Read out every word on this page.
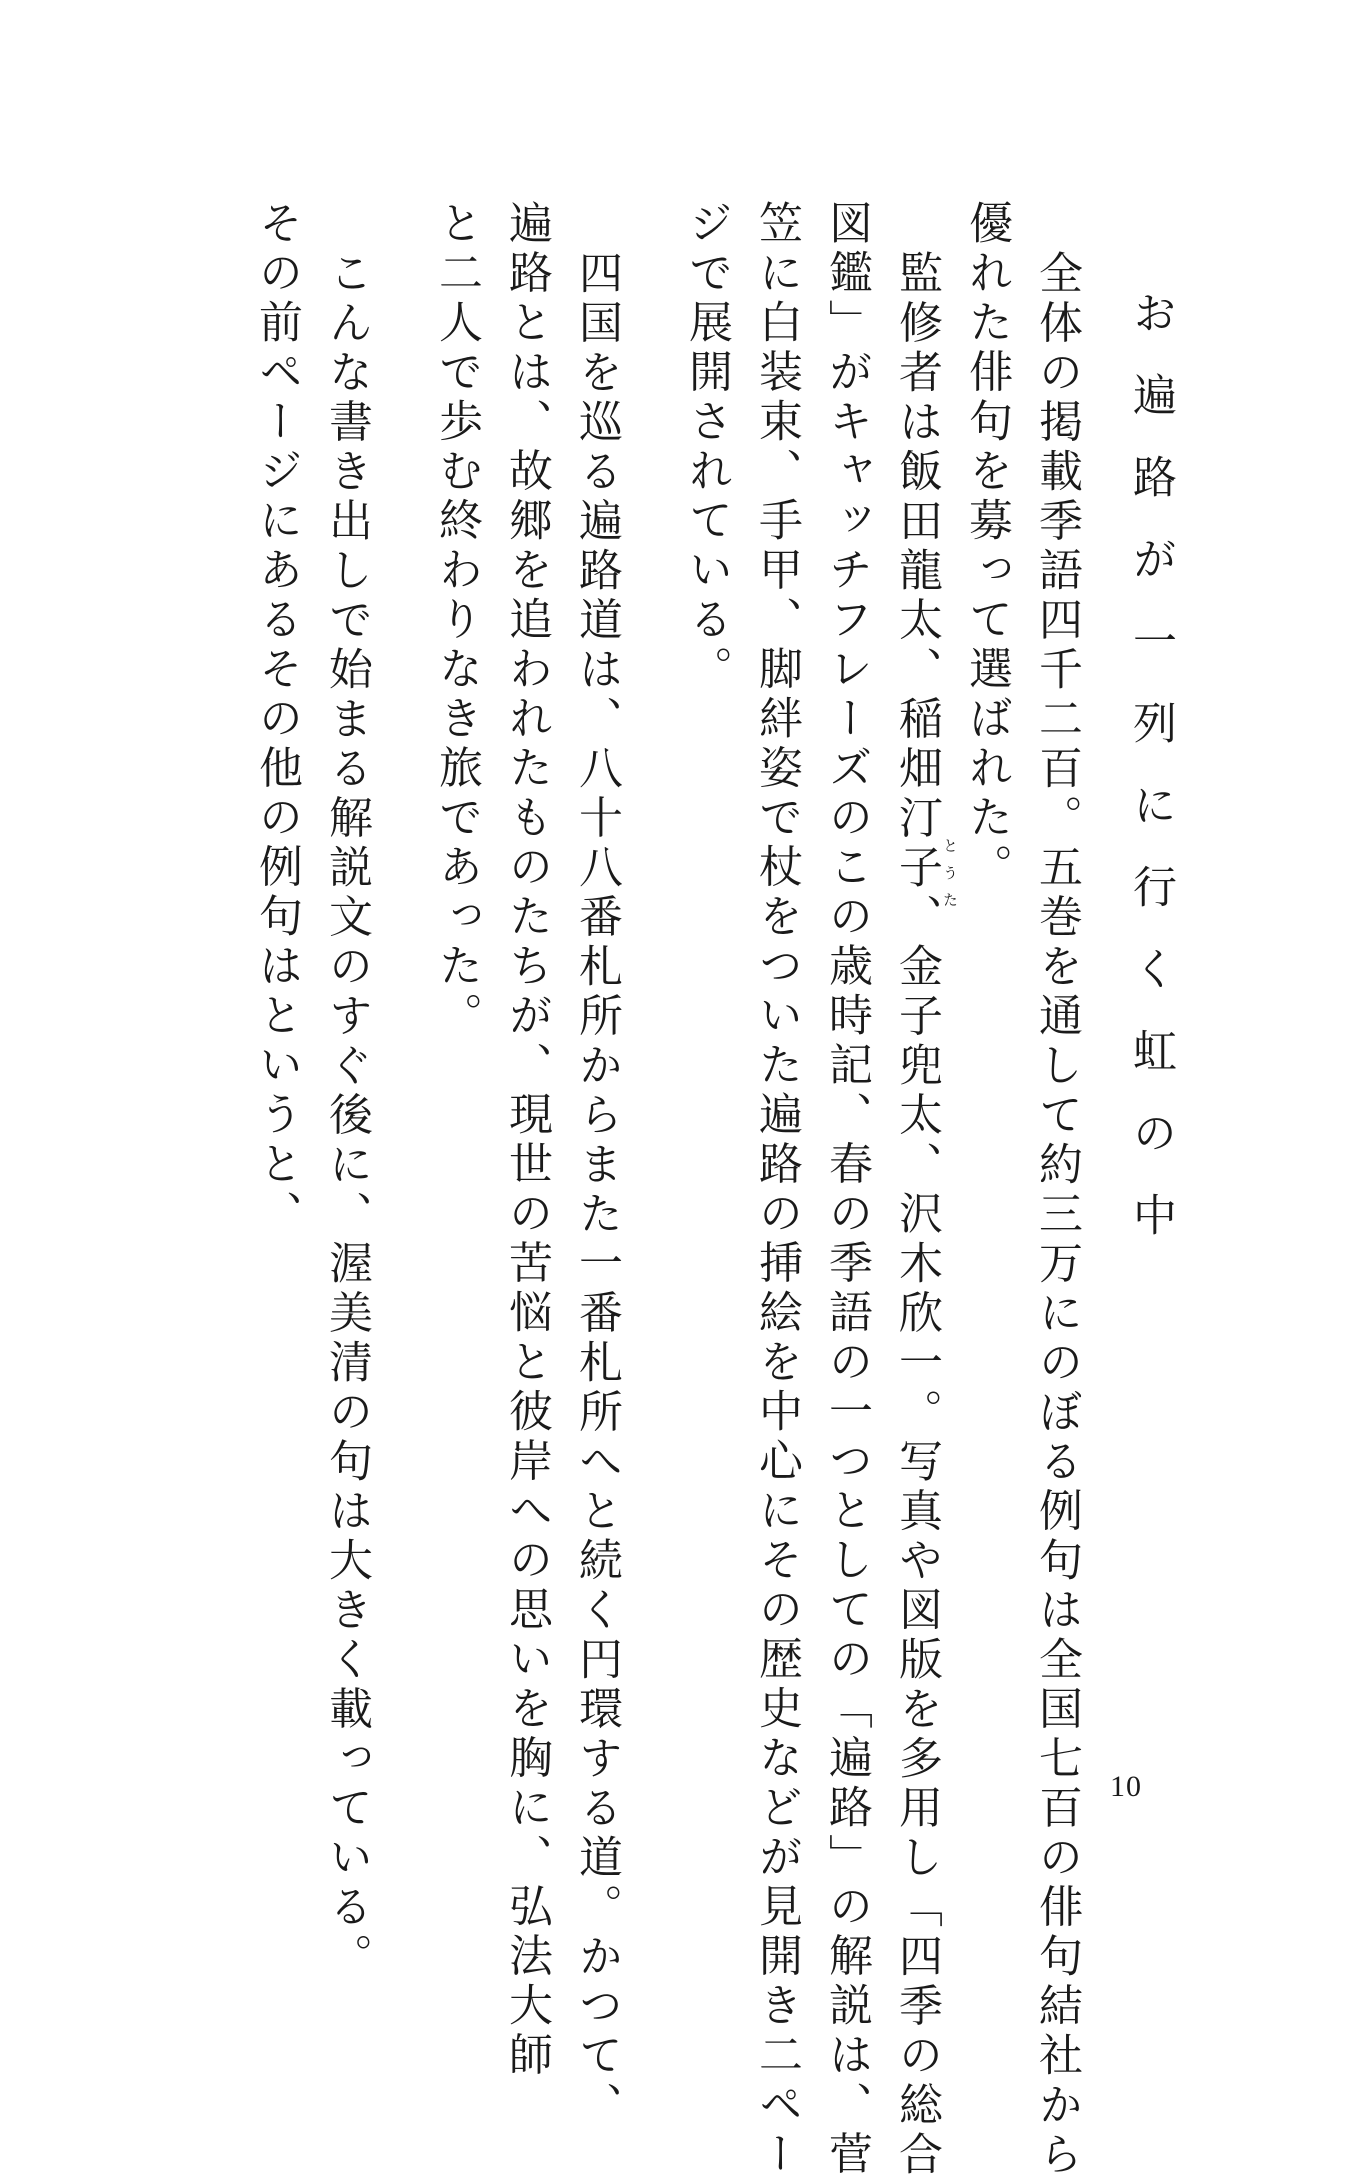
お遍路が一列に行く虹の中
全体の掲載季語四千二百。五巻を通して約三万にのぼる例句は全国七百の俳句結社から
優れた俳句を募って選ばれた。
監修者は飯田龍太、稲畑汀子、金子兜太、沢木欣一。写真や図版を多用し「四季の総合 とうた
図鑑」がキャッチフレーズのこの歳時記、春の季語の一つとしての「遍路」の解説は、菅
笠に白装束、手甲、脚絆姿で杖をついた遍路の挿絵を中心にその歴史などが見開き二ペー
ジで展開されている。
四国を巡る遍路道は、八十八番札所からまた一番札所へと続く円環する道。かつて、
遍路とは、故郷を追われたものたちが、現世の苦悩と彼岸への思いを胸に、弘法大師
と二人で歩む終わりなき旅であった。
こんな書き出しで始まる解説文のすぐ後に、渥美清の句は大きく載っている。
その前ページにあるその他の例句はというと、
10
